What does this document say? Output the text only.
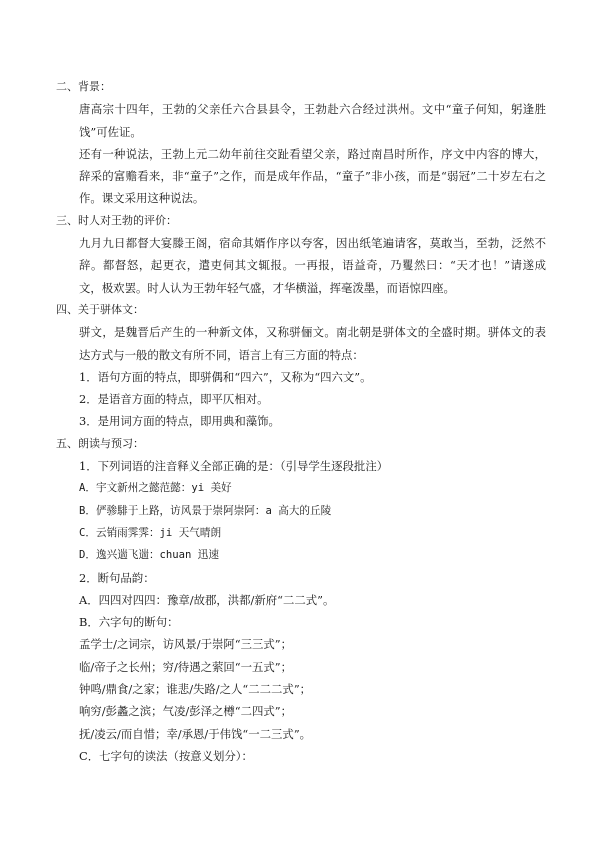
二、背景：
唐高宗十四年，王勃的父亲任六合县县令，王勃赴六合经过洪州。文中“童子何知，躬逢胜饯”可佐证。
还有一种说法，王勃上元二幼年前往交趾看望父亲，路过南昌时所作，序文中内容的博大，辞采的富赡看来，非“童子”之作，而是成年作品，“童子”非小孩，而是“弱冠”二十岁左右之作。课文采用这种说法。
三、时人对王勃的评价：
九月九日都督大宴滕王阁，宿命其婿作序以夸客，因出纸笔遍请客，莫敢当，至勃，泛然不辞。都督怒，起更衣，遣吏伺其文辄报。一再报，语益奇，乃矍然曰：“天才也！”请遂成文，极欢罢。时人认为王勃年轻气盛，才华横溢，挥毫泼墨，而语惊四座。
四、关于骈体文：
骈文，是魏晋后产生的一种新文体，又称骈俪文。南北朝是骈体文的全盛时期。骈体文的表达方式与一般的散文有所不同，语言上有三方面的特点：
1．语句方面的特点，即骈偶和“四六”，又称为“四六文”。
2．是语音方面的特点，即平仄相对。
3．是用词方面的特点，即用典和藻饰。
五、朗读与预习：
1．下列词语的注音释义全部正确的是：（引导学生逐段批注）
A．宇文新州之懿范懿：yi 美好
B．俨骖騑于上路，访风景于崇阿崇阿：a 高大的丘陵
C．云销雨霁霁：ji 天气晴朗
D．逸兴遄飞遄：chuan 迅速
2．断句品韵：
A．四四对四四：豫章/故郡，洪都/新府“二二式”。
B．六字句的断句：
孟学士/之词宗，访风景/于崇阿“三三式”；
临/帝子之长州；穷/待遇之萦回“一五式”；
钟鸣/鼎食/之家；谁悲/失路/之人“二二二式”；
响穷/彭蠡之滨；气凌/彭泽之樽“二四式”；
抚/凌云/而自惜；幸/承恩/于伟饯“一二三式”。
C．七字句的读法（按意义划分）：
